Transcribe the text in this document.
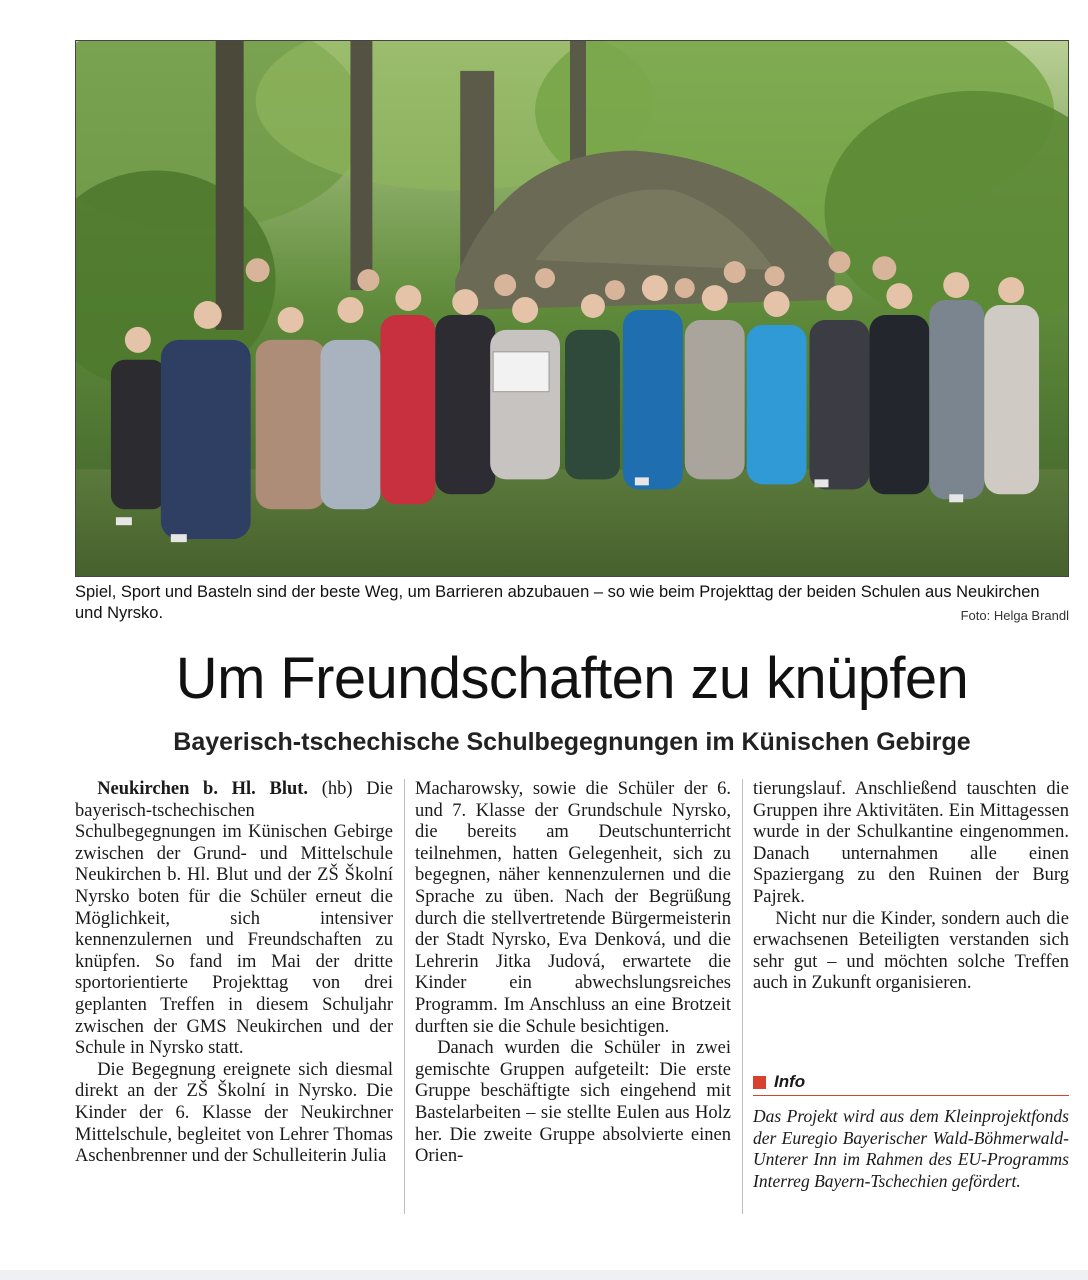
Spiel, Sport und Basteln sind der beste Weg, um Barrieren abzubauen – so wie beim Projekttag der beiden Schulen aus Neukirchen und Nyrsko.	Foto: Helga Brandl
Um Freundschaften zu knüpfen
Bayerisch-tschechische Schulbegegnungen im Künischen Gebirge

Neukirchen b. Hl. Blut. (hb) Die bayerisch-tschechischen Schulbegegnungen im Künischen Gebirge zwischen der Grund- und Mittelschule Neukirchen b. Hl. Blut und der ZŠ Školní Nyrsko boten für die Schüler erneut die Möglichkeit, sich intensiver kennenzulernen und Freundschaften zu knüpfen. So fand im Mai der dritte sportorientierte Projekttag von drei geplanten Treffen in diesem Schuljahr zwischen der GMS Neukirchen und der Schule in Nyrsko statt.

Die Begegnung ereignete sich diesmal direkt an der ZŠ Školní in Nyrsko. Die Kinder der 6. Klasse der Neukirchner Mittelschule, begleitet von Lehrer Thomas Aschenbrenner und der Schulleiterin Julia

Macharowsky, sowie die Schüler der 6. und 7. Klasse der Grundschule Nyrsko, die bereits am Deutschunterricht teilnehmen, hatten Gelegenheit, sich zu begegnen, näher kennenzulernen und die Sprache zu üben. Nach der Begrüßung durch die stellvertretende Bürgermeisterin der Stadt Nyrsko, Eva Denková, und die Lehrerin Jitka Judová, erwartete die Kinder ein abwechslungsreiches Programm. Im Anschluss an eine Brotzeit durften sie die Schule besichtigen.

Danach wurden die Schüler in zwei gemischte Gruppen aufgeteilt: Die erste Gruppe beschäftigte sich eingehend mit Bastelarbeiten – sie stellte Eulen aus Holz her. Die zweite Gruppe absolvierte einen Orien-

tierungslauf. Anschließend tauschten die Gruppen ihre Aktivitäten. Ein Mittagessen wurde in der Schulkantine eingenommen. Danach unternahmen alle einen Spaziergang zu den Ruinen der Burg Pajrek.

Nicht nur die Kinder, sondern auch die erwachsenen Beteiligten verstanden sich sehr gut – und möchten solche Treffen auch in Zukunft organisieren.

Info

Das Projekt wird aus dem Kleinprojektfonds der Euregio Bayerischer Wald-Böhmerwald-Unterer Inn im Rahmen des EU-Programms Interreg Bayern-Tschechien gefördert.
